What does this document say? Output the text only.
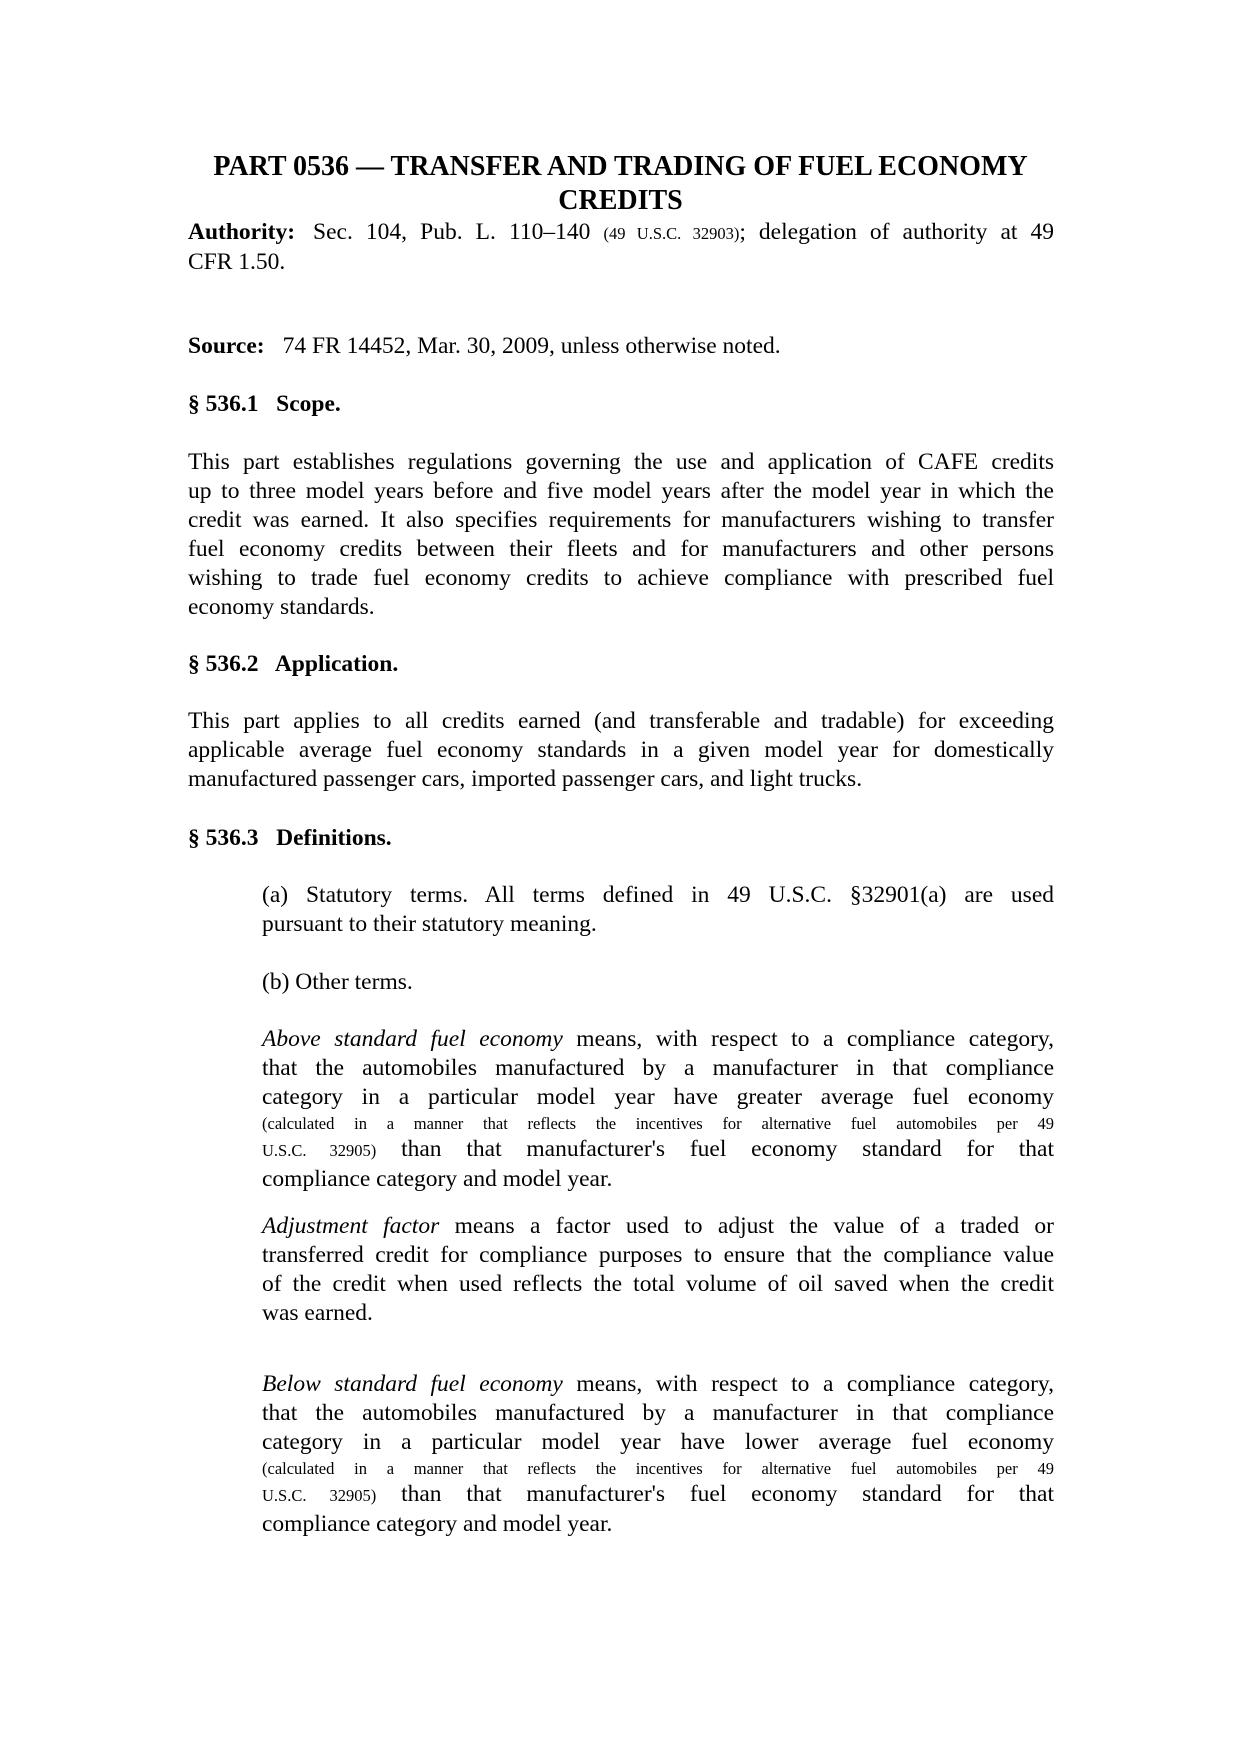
PART 0536 — TRANSFER AND TRADING OF FUEL ECONOMY
CREDITS
Authority: Sec. 104, Pub. L. 110–140 (49 U.S.C. 32903); delegation of authority at 49
CFR 1.50.
Source: 74 FR 14452, Mar. 30, 2009, unless otherwise noted.
§ 536.1   Scope.
This part establishes regulations governing the use and application of CAFE credits
up to three model years before and five model years after the model year in which the
credit was earned. It also specifies requirements for manufacturers wishing to transfer
fuel economy credits between their fleets and for manufacturers and other persons
wishing to trade fuel economy credits to achieve compliance with prescribed fuel
economy standards.
§ 536.2   Application.
This part applies to all credits earned (and transferable and tradable) for exceeding
applicable average fuel economy standards in a given model year for domestically
manufactured passenger cars, imported passenger cars, and light trucks.
§ 536.3   Definitions.
(a) Statutory terms. All terms defined in 49 U.S.C. §32901(a) are used
pursuant to their statutory meaning.
(b) Other terms.
Above standard fuel economy means, with respect to a compliance category,
that the automobiles manufactured by a manufacturer in that compliance
category in a particular model year have greater average fuel economy
(calculated in a manner that reflects the incentives for alternative fuel automobiles per 49
U.S.C. 32905) than that manufacturer's fuel economy standard for that
compliance category and model year.
Adjustment factor means a factor used to adjust the value of a traded or
transferred credit for compliance purposes to ensure that the compliance value
of the credit when used reflects the total volume of oil saved when the credit
was earned.
Below standard fuel economy means, with respect to a compliance category,
that the automobiles manufactured by a manufacturer in that compliance
category in a particular model year have lower average fuel economy
(calculated in a manner that reflects the incentives for alternative fuel automobiles per 49
U.S.C. 32905) than that manufacturer's fuel economy standard for that
compliance category and model year.
